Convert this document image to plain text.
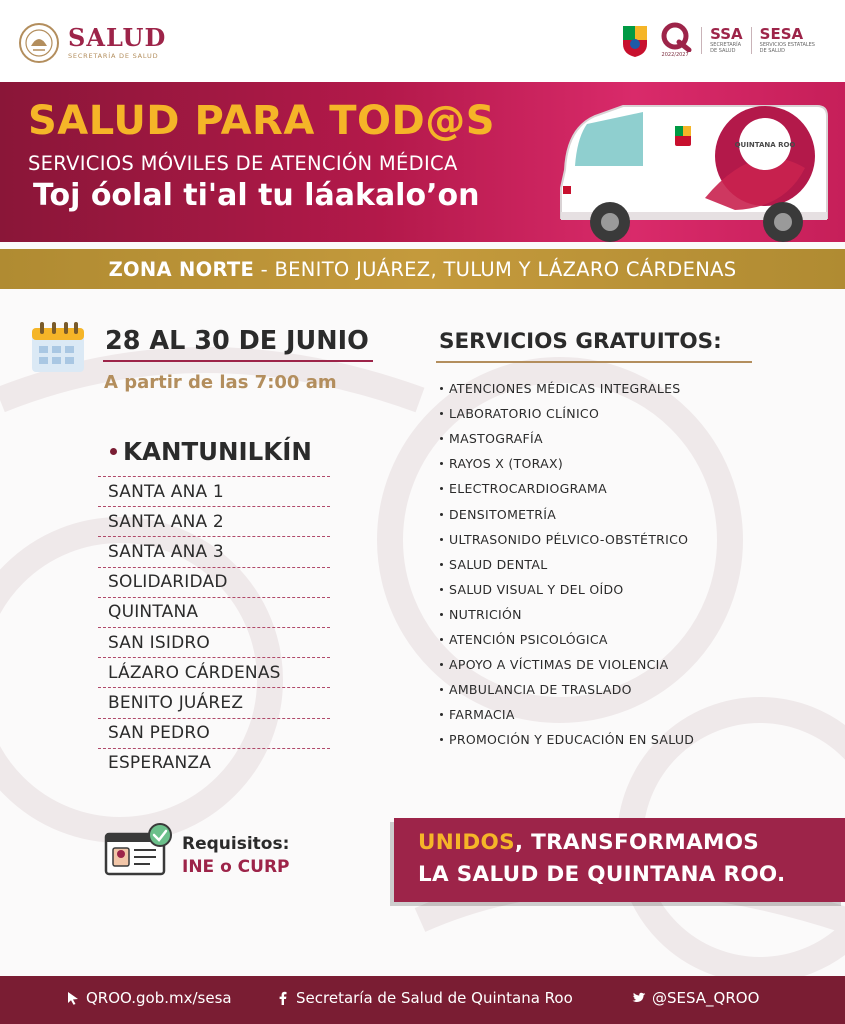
SALUD
SECRETARÍA DE SALUD	2022/2027
SSA
SECRETARÍA
DE SALUD
SESA
SERVICIOS ESTATALES
DE SALUD
SALUD PARA TOD@S
SERVICIOS MÓVILES DE ATENCIÓN MÉDICA
Toj óolal ti'al tu láakalo’on
QUINTANA ROO
ZONA NORTE - BENITO JUÁREZ, TULUM Y LÁZARO CÁRDENAS
28 AL 30 DE JUNIO
A partir de las 7:00 am
KANTUNILKÍN
SANTA ANA 1
SANTA ANA 2
SANTA ANA 3
SOLIDARIDAD
QUINTANA
SAN ISIDRO
LÁZARO CÁRDENAS
BENITO JUÁREZ
SAN PEDRO
ESPERANZA
SERVICIOS GRATUITOS:
ATENCIONES MÉDICAS INTEGRALES
LABORATORIO CLÍNICO
MASTOGRAFÍA
RAYOS X (TORAX)
ELECTROCARDIOGRAMA
DENSITOMETRÍA
ULTRASONIDO PÉLVICO-OBSTÉTRICO
SALUD DENTAL
SALUD VISUAL Y DEL OÍDO
NUTRICIÓN
ATENCIÓN PSICOLÓGICA
APOYO A VÍCTIMAS DE VIOLENCIA
AMBULANCIA DE TRASLADO
FARMACIA
PROMOCIÓN Y EDUCACIÓN EN SALUD
Requisitos:
INE o CURP
UNIDOS, TRANSFORMAMOS
LA SALUD DE QUINTANA ROO.
QROO.gob.mx/sesa	Secretaría de Salud de Quintana Roo	@SESA_QROO
